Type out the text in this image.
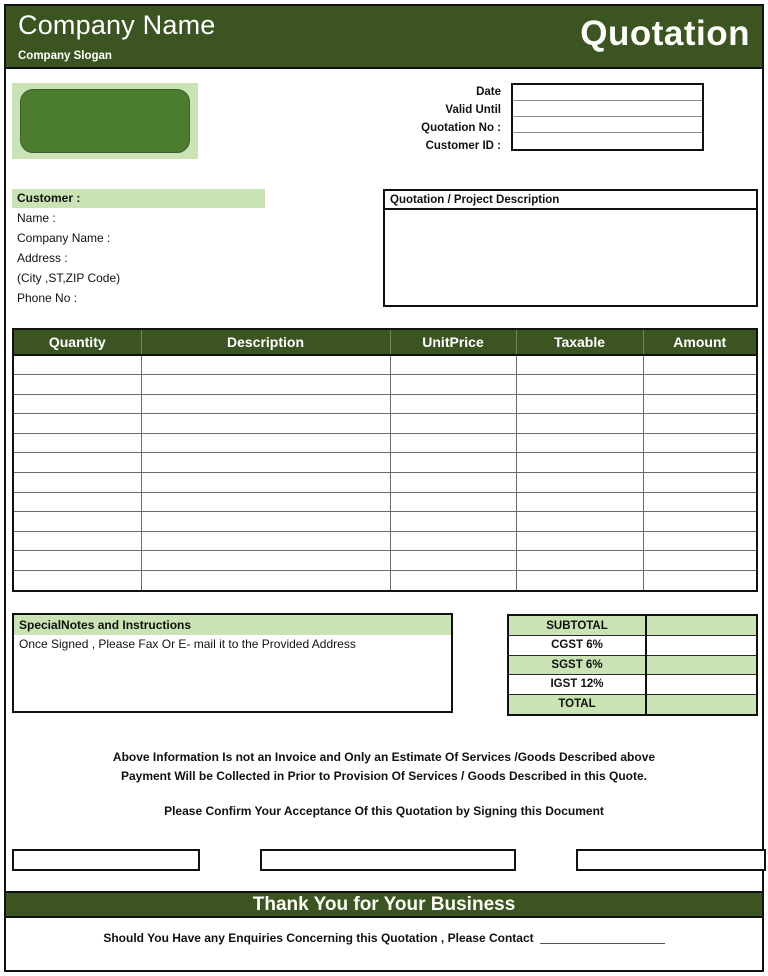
Company Name
Company Slogan
Quotation
Date
Valid Until
Quotation No :
Customer ID :
Customer :
Name :
Company Name :
Address :
(City ,ST,ZIP Code)
Phone No :
Quotation / Project Description
Quantity	Description	UnitPrice	Taxable	Amount

SpecialNotes and Instructions
Once Signed , Please Fax Or E- mail it to the Provided Address
SUBTOTAL	
CGST 6%	
SGST 6%	
IGST 12%	
TOTAL	
Above Information Is not an Invoice and Only an Estimate Of Services /Goods Described above
Payment Will be Collected in Prior to Provision Of Services / Goods Described in this Quote.
Please Confirm Your Acceptance Of this Quotation by Signing this Document
Thank You for Your Business
Should You Have any Enquiries Concerning this Quotation , Please Contact
